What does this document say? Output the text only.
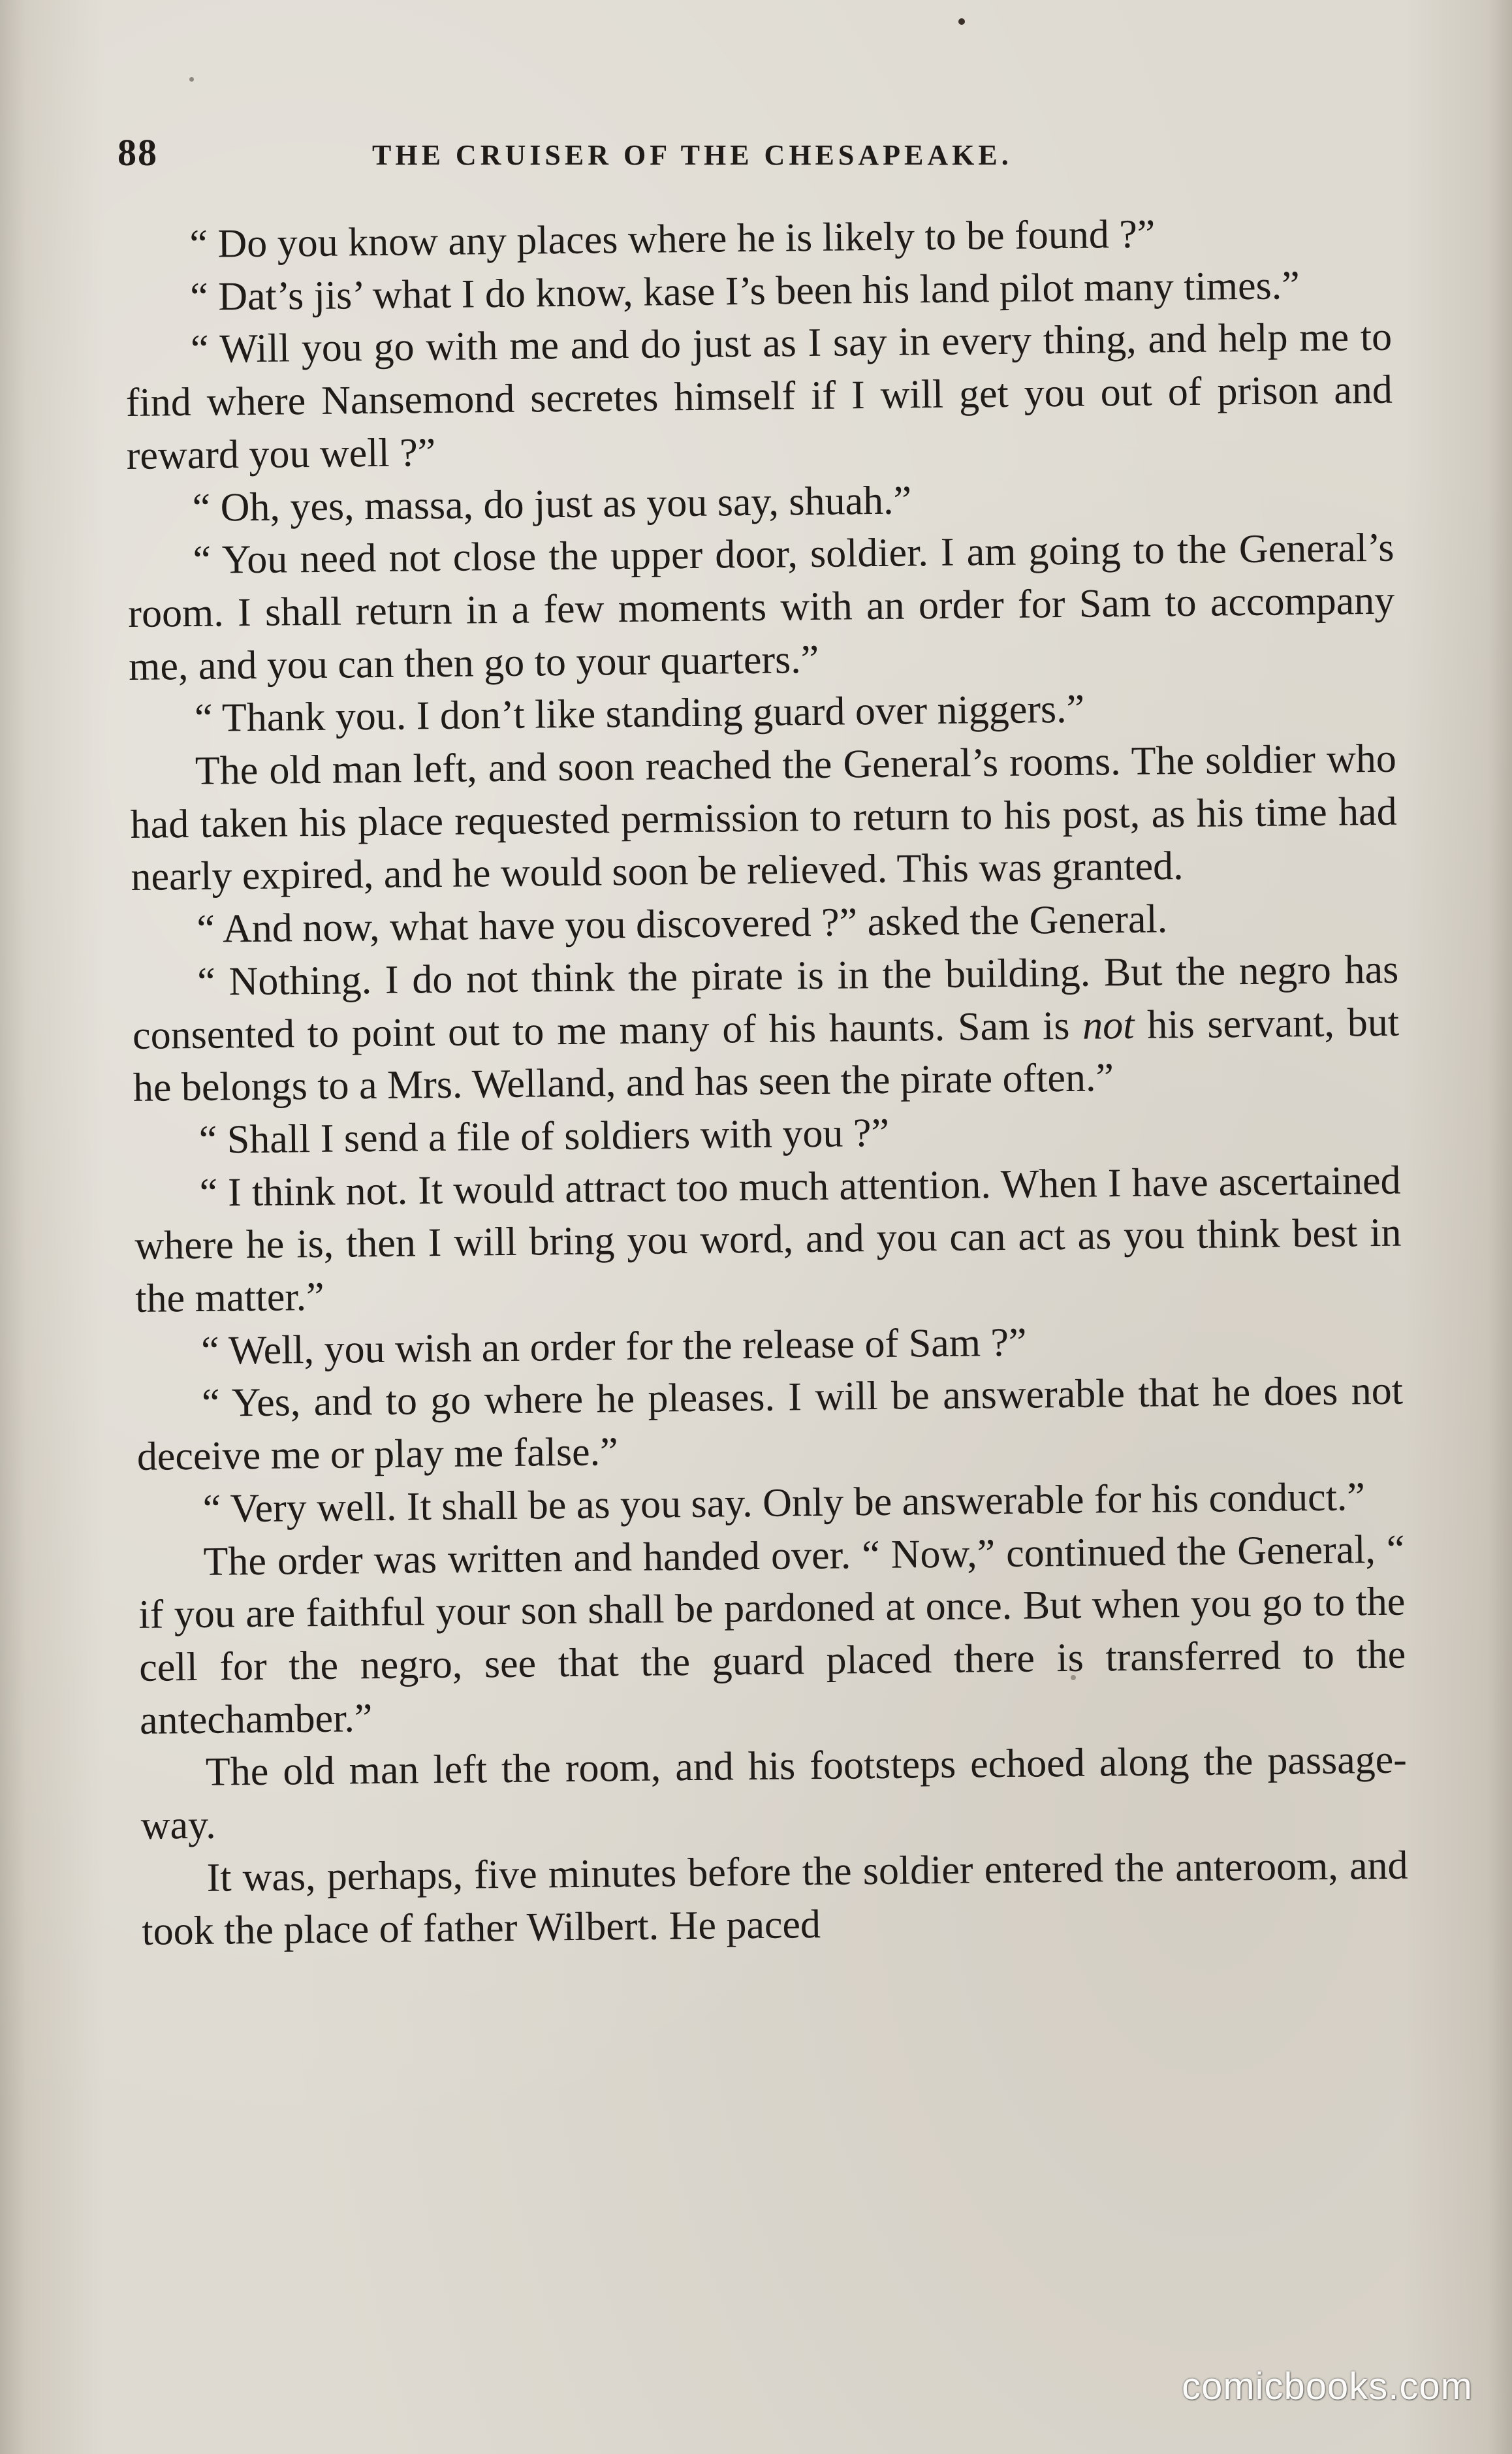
88	THE CRUISER OF THE CHESAPEAKE.

“ Do you know any places where he is likely to be found ?”

“ Dat’s jis’ what I do know, kase I’s been his land pilot many times.”

“ Will you go with me and do just as I say in every thing, and help me to find where Nansemond secretes himself if I will get you out of prison and reward you well ?”

“ Oh, yes, massa, do just as you say, shuah.”

“ You need not close the upper door, soldier. I am going to the General’s room. I shall return in a few moments with an order for Sam to accompany me, and you can then go to your quarters.”

“ Thank you. I don’t like standing guard over niggers.”

The old man left, and soon reached the General’s rooms. The soldier who had taken his place requested permission to return to his post, as his time had nearly expired, and he would soon be relieved. This was granted.

“ And now, what have you discovered ?” asked the General.

“ Nothing. I do not think the pirate is in the building. But the negro has consented to point out to me many of his haunts. Sam is not his servant, but he belongs to a Mrs. Welland, and has seen the pirate often.”

“ Shall I send a file of soldiers with you ?”

“ I think not. It would attract too much attention. When I have ascertained where he is, then I will bring you word, and you can act as you think best in the matter.”

“ Well, you wish an order for the release of Sam ?”

“ Yes, and to go where he pleases. I will be answerable that he does not deceive me or play me false.”

“ Very well. It shall be as you say. Only be answerable for his conduct.”

The order was written and handed over. “ Now,” continued the General, “ if you are faithful your son shall be pardoned at once. But when you go to the cell for the negro, see that the guard placed there is transferred to the antechamber.”

The old man left the room, and his footsteps echoed along the passage-way.

It was, perhaps, five minutes before the soldier entered the anteroom, and took the place of father Wilbert. He paced

comicbooks.com
